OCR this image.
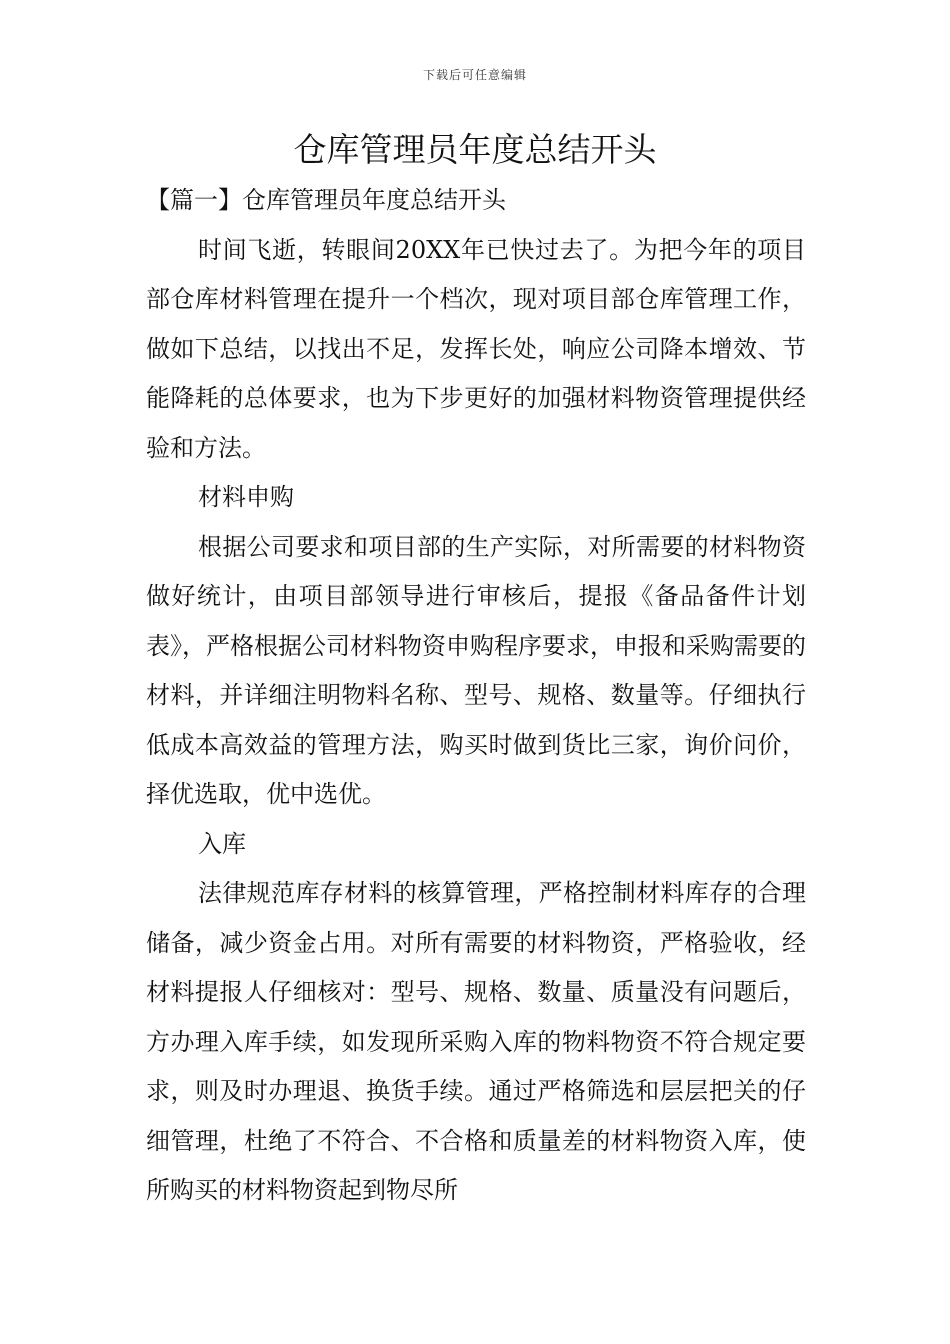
下载后可任意编辑
仓库管理员年度总结开头

【篇一】仓库管理员年度总结开头

时间飞逝，转眼间20XX年已快过去了。为把今年的项目部仓库材料管理在提升一个档次，现对项目部仓库管理工作，做如下总结，以找出不足，发挥长处，响应公司降本增效、节能降耗的总体要求，也为下步更好的加强材料物资管理提供经验和方法。

材料申购

根据公司要求和项目部的生产实际，对所需要的材料物资做好统计，由项目部领导进行审核后，提报《备品备件计划表》，严格根据公司材料物资申购程序要求，申报和采购需要的材料，并详细注明物料名称、型号、规格、数量等。仔细执行低成本高效益的管理方法，购买时做到货比三家，询价问价，择优选取，优中选优。

入库

法律规范库存材料的核算管理，严格控制材料库存的合理储备，减少资金占用。对所有需要的材料物资，严格验收，经材料提报人仔细核对：型号、规格、数量、质量没有问题后，方办理入库手续，如发现所采购入库的物料物资不符合规定要求，则及时办理退、换货手续。通过严格筛选和层层把关的仔细管理，杜绝了不符合、不合格和质量差的材料物资入库，使所购买的材料物资起到物尽所
